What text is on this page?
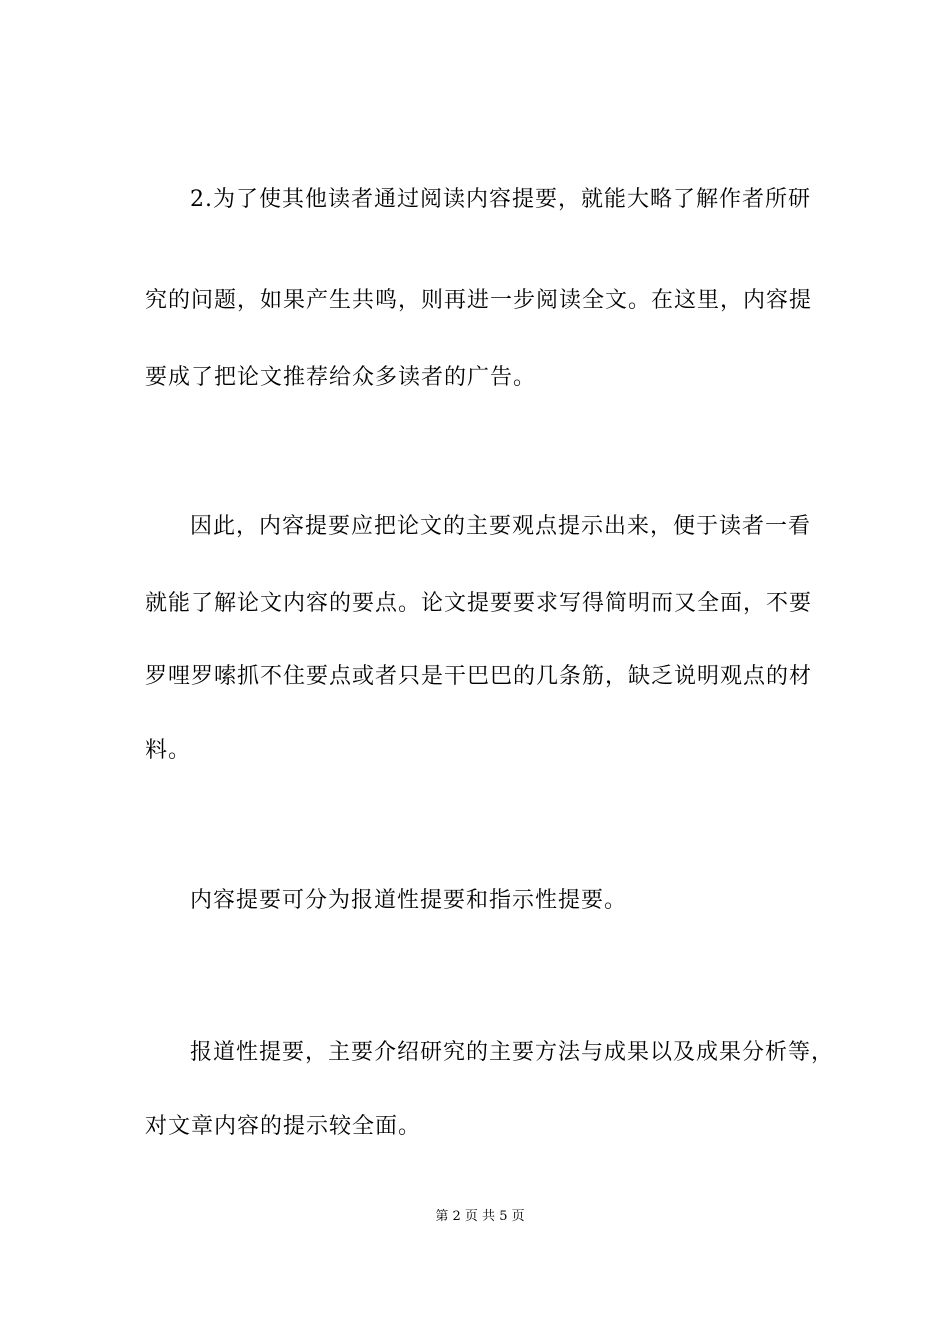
2.为了使其他读者通过阅读内容提要，就能大略了解作者所研
究的问题，如果产生共鸣，则再进一步阅读全文。在这里，内容提
要成了把论文推荐给众多读者的广告。
因此，内容提要应把论文的主要观点提示出来，便于读者一看
就能了解论文内容的要点。论文提要要求写得简明而又全面，不要
罗哩罗嗦抓不住要点或者只是干巴巴的几条筋，缺乏说明观点的材
料。
内容提要可分为报道性提要和指示性提要。
报道性提要，主要介绍研究的主要方法与成果以及成果分析等，
对文章内容的提示较全面。
第 2 页 共 5 页
